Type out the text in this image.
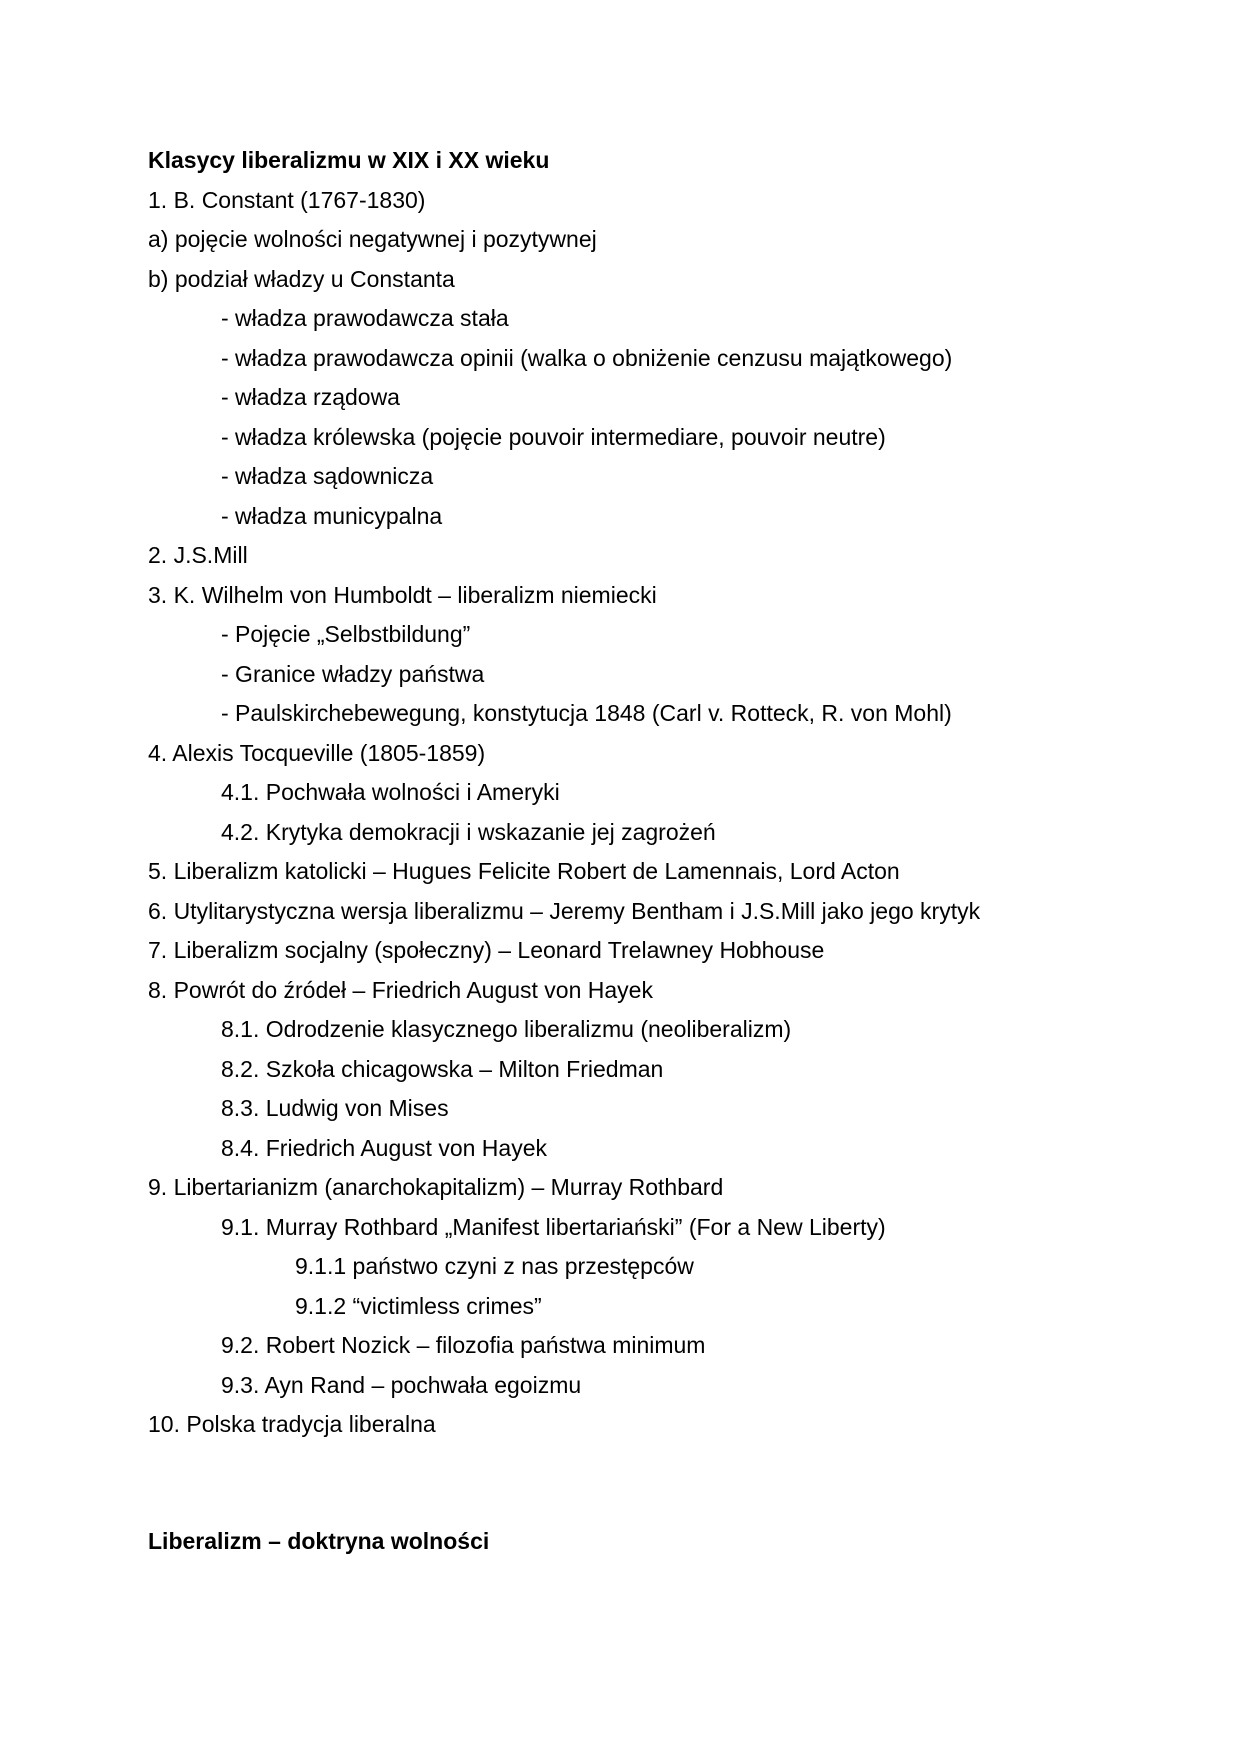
Klasycy liberalizmu w XIX i XX wieku

1. B. Constant (1767-1830)

a) pojęcie wolności negatywnej i pozytywnej

b) podział władzy u Constanta

- władza prawodawcza stała

- władza prawodawcza opinii (walka o obniżenie cenzusu majątkowego)

- władza rządowa

- władza królewska (pojęcie pouvoir intermediare, pouvoir neutre)

- władza sądownicza

- władza municypalna

2. J.S.Mill

3. K. Wilhelm von Humboldt – liberalizm niemiecki

- Pojęcie „Selbstbildung”

- Granice władzy państwa

- Paulskirchebewegung, konstytucja 1848 (Carl v. Rotteck, R. von Mohl)

4. Alexis Tocqueville (1805-1859)

4.1. Pochwała wolności i Ameryki

4.2. Krytyka demokracji i wskazanie jej zagrożeń

5. Liberalizm katolicki – Hugues Felicite Robert de Lamennais, Lord Acton

6. Utylitarystyczna wersja liberalizmu – Jeremy Bentham i J.S.Mill jako jego krytyk

7. Liberalizm socjalny (społeczny) – Leonard Trelawney Hobhouse

8. Powrót do źródeł – Friedrich August von Hayek

8.1. Odrodzenie klasycznego liberalizmu (neoliberalizm)

8.2. Szkoła chicagowska – Milton Friedman

8.3. Ludwig von Mises

8.4. Friedrich August von Hayek

9. Libertarianizm (anarchokapitalizm) – Murray Rothbard

9.1. Murray Rothbard „Manifest libertariański” (For a New Liberty)

9.1.1 państwo czyni z nas przestępców

9.1.2 “victimless crimes”

9.2. Robert Nozick – filozofia państwa minimum

9.3. Ayn Rand – pochwała egoizmu

10. Polska tradycja liberalna

Liberalizm – doktryna wolności
